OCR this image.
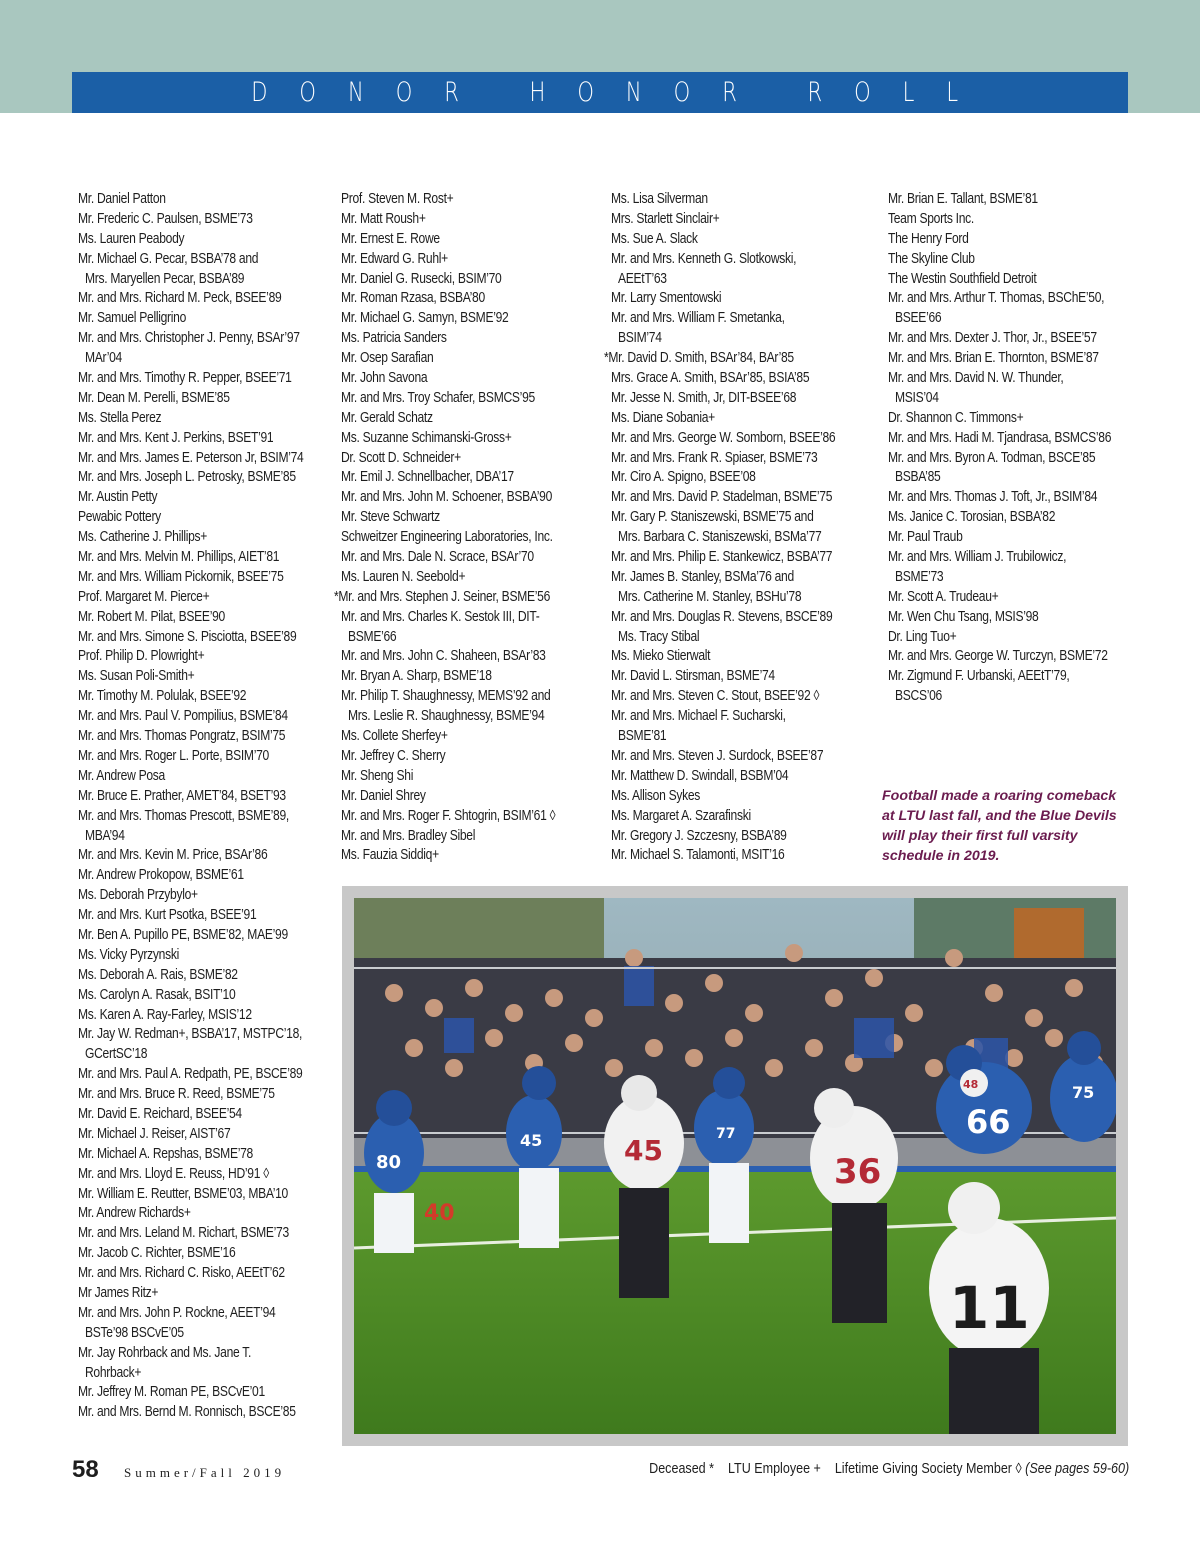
DONOR HONOR ROLL
Mr. Daniel Patton
Mr. Frederic C. Paulsen, BSME’73
Ms. Lauren Peabody
Mr. Michael G. Pecar, BSBA’78 and
Mrs. Maryellen Pecar, BSBA’89
Mr. and Mrs. Richard M. Peck, BSEE’89
Mr. Samuel Pelligrino
Mr. and Mrs. Christopher J. Penny, BSAr’97
MAr’04
Mr. and Mrs. Timothy R. Pepper, BSEE’71
Mr. Dean M. Perelli, BSME’85
Ms. Stella Perez
Mr. and Mrs. Kent J. Perkins, BSET’91
Mr. and Mrs. James E. Peterson Jr, BSIM’74
Mr. and Mrs. Joseph L. Petrosky, BSME’85
Mr. Austin Petty
Pewabic Pottery
Ms. Catherine J. Phillips+
Mr. and Mrs. Melvin M. Phillips, AIET’81
Mr. and Mrs. William Pickornik, BSEE’75
Prof. Margaret M. Pierce+
Mr. Robert M. Pilat, BSEE’90
Mr. and Mrs. Simone S. Pisciotta, BSEE’89
Prof. Philip D. Plowright+
Ms. Susan Poli-Smith+
Mr. Timothy M. Polulak, BSEE’92
Mr. and Mrs. Paul V. Pompilius, BSME’84
Mr. and Mrs. Thomas Pongratz, BSIM’75
Mr. and Mrs. Roger L. Porte, BSIM’70
Mr. Andrew Posa
Mr. Bruce E. Prather, AMET’84, BSET’93
Mr. and Mrs. Thomas Prescott, BSME’89,
MBA’94
Mr. and Mrs. Kevin M. Price, BSAr’86
Mr. Andrew Prokopow, BSME’61
Ms. Deborah Przybylo+
Mr. and Mrs. Kurt Psotka, BSEE’91
Mr. Ben A. Pupillo PE, BSME’82, MAE’99
Ms. Vicky Pyrzynski
Ms. Deborah A. Rais, BSME’82
Ms. Carolyn A. Rasak, BSIT’10
Ms. Karen A. Ray-Farley, MSIS’12
Mr. Jay W. Redman+, BSBA’17, MSTPC’18,
GCertSC’18
Mr. and Mrs. Paul A. Redpath, PE, BSCE’89
Mr. and Mrs. Bruce R. Reed, BSME’75
Mr. David E. Reichard, BSEE’54
Mr. Michael J. Reiser, AIST’67
Mr. Michael A. Repshas, BSME’78
Mr. and Mrs. Lloyd E. Reuss, HD’91 ◊
Mr. William E. Reutter, BSME’03, MBA’10
Mr. Andrew Richards+
Mr. and Mrs. Leland M. Richart, BSME’73
Mr. Jacob C. Richter, BSME’16
Mr. and Mrs. Richard C. Risko, AEEtT’62
Mr James Ritz+
Mr. and Mrs. John P. Rockne, AEET’94
BSTe’98 BSCvE’05
Mr. Jay Rohrback and Ms. Jane T.
Rohrback+
Mr. Jeffrey M. Roman PE, BSCvE’01
Mr. and Mrs. Bernd M. Ronnisch, BSCE’85
Prof. Steven M. Rost+
Mr. Matt Roush+
Mr. Ernest E. Rowe
Mr. Edward G. Ruhl+
Mr. Daniel G. Rusecki, BSIM’70
Mr. Roman Rzasa, BSBA’80
Mr. Michael G. Samyn, BSME’92
Ms. Patricia Sanders
Mr. Osep Sarafian
Mr. John Savona
Mr. and Mrs. Troy Schafer, BSMCS’95
Mr. Gerald Schatz
Ms. Suzanne Schimanski-Gross+
Dr. Scott D. Schneider+
Mr. Emil J. Schnellbacher, DBA’17
Mr. and Mrs. John M. Schoener, BSBA’90
Mr. Steve Schwartz
Schweitzer Engineering Laboratories, Inc.
Mr. and Mrs. Dale N. Scrace, BSAr’70
Ms. Lauren N. Seebold+
*Mr. and Mrs. Stephen J. Seiner, BSME’56
Mr. and Mrs. Charles K. Sestok III, DIT-
BSME’66
Mr. and Mrs. John C. Shaheen, BSAr’83
Mr. Bryan A. Sharp, BSME’18
Mr. Philip T. Shaughnessy, MEMS’92 and
Mrs. Leslie R. Shaughnessy, BSME’94
Ms. Collete Sherfey+
Mr. Jeffrey C. Sherry
Mr. Sheng Shi
Mr. Daniel Shrey
Mr. and Mrs. Roger F. Shtogrin, BSIM’61 ◊
Mr. and Mrs. Bradley Sibel
Ms. Fauzia Siddiq+
Ms. Lisa Silverman
Mrs. Starlett Sinclair+
Ms. Sue A. Slack
Mr. and Mrs. Kenneth G. Slotkowski,
AEEtT’63
Mr. Larry Smentowski
Mr. and Mrs. William F. Smetanka,
BSIM’74
*Mr. David D. Smith, BSAr’84, BAr’85
Mrs. Grace A. Smith, BSAr’85, BSIA’85
Mr. Jesse N. Smith, Jr, DIT-BSEE’68
Ms. Diane Sobania+
Mr. and Mrs. George W. Somborn, BSEE’86
Mr. and Mrs. Frank R. Spiaser, BSME’73
Mr. Ciro A. Spigno, BSEE’08
Mr. and Mrs. David P. Stadelman, BSME’75
Mr. Gary P. Staniszewski, BSME’75 and
Mrs. Barbara C. Staniszewski, BSMa’77
Mr. and Mrs. Philip E. Stankewicz, BSBA’77
Mr. James B. Stanley, BSMa’76 and
Mrs. Catherine M. Stanley, BSHu’78
Mr. and Mrs. Douglas R. Stevens, BSCE’89
Ms. Tracy Stibal
Ms. Mieko Stierwalt
Mr. David L. Stirsman, BSME’74
Mr. and Mrs. Steven C. Stout, BSEE’92 ◊
Mr. and Mrs. Michael F. Sucharski,
BSME’81
Mr. and Mrs. Steven J. Surdock, BSEE’87
Mr. Matthew D. Swindall, BSBM’04
Ms. Allison Sykes
Ms. Margaret A. Szarafinski
Mr. Gregory J. Szczesny, BSBA’89
Mr. Michael S. Talamonti, MSIT’16
Mr. Brian E. Tallant, BSME’81
Team Sports Inc.
The Henry Ford
The Skyline Club
The Westin Southfield Detroit
Mr. and Mrs. Arthur T. Thomas, BSChE’50,
BSEE’66
Mr. and Mrs. Dexter J. Thor, Jr., BSEE’57
Mr. and Mrs. Brian E. Thornton, BSME’87
Mr. and Mrs. David N. W. Thunder,
MSIS’04
Dr. Shannon C. Timmons+
Mr. and Mrs. Hadi M. Tjandrasa, BSMCS’86
Mr. and Mrs. Byron A. Todman, BSCE’85
BSBA’85
Mr. and Mrs. Thomas J. Toft, Jr., BSIM’84
Ms. Janice C. Torosian, BSBA’82
Mr. Paul Traub
Mr. and Mrs. William J. Trubilowicz,
BSME’73
Mr. Scott A. Trudeau+
Mr. Wen Chu Tsang, MSIS’98
Dr. Ling Tuo+
Mr. and Mrs. George W. Turczyn, BSME’72
Mr. Zigmund F. Urbanski, AEEtT’79,
BSCS’06
Football made a roaring comeback at LTU last fall, and the Blue Devils will play their first full varsity schedule in 2019.
40
80
45	45	77
36
66
75
11
48
Deceased * LTU Employee + Lifetime Giving Society Member ◊ (See pages 59-60)
58 Summer/Fall 2019
